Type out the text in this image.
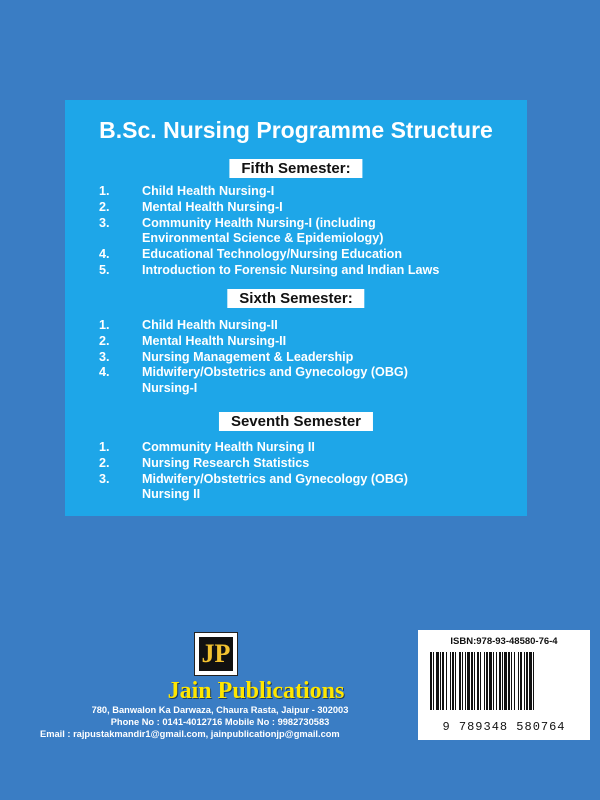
B.Sc. Nursing Programme Structure
Fifth Semester:
1.	Child Health Nursing-I
2.	Mental Health Nursing-I
3.	Community Health Nursing-I (including
Environmental Science & Epidemiology)
4.	Educational Technology/Nursing Education
5.	Introduction to Forensic Nursing and Indian Laws
Sixth Semester:
1.	Child Health Nursing-II
2.	Mental Health Nursing-II
3.	Nursing Management & Leadership
4.	Midwifery/Obstetrics and Gynecology (OBG)
Nursing-I
Seventh Semester
1.	Community Health Nursing II
2.	Nursing Research Statistics
3.	Midwifery/Obstetrics and Gynecology (OBG)
Nursing II
JP
Jain Publications
780, Banwalon Ka Darwaza, Chaura Rasta, Jaipur - 302003
Phone No : 0141-4012716 Mobile No : 9982730583
Email : rajpustakmandir1@gmail.com, jainpublicationjp@gmail.com
ISBN:978-93-48580-76-4
9 789348 580764
